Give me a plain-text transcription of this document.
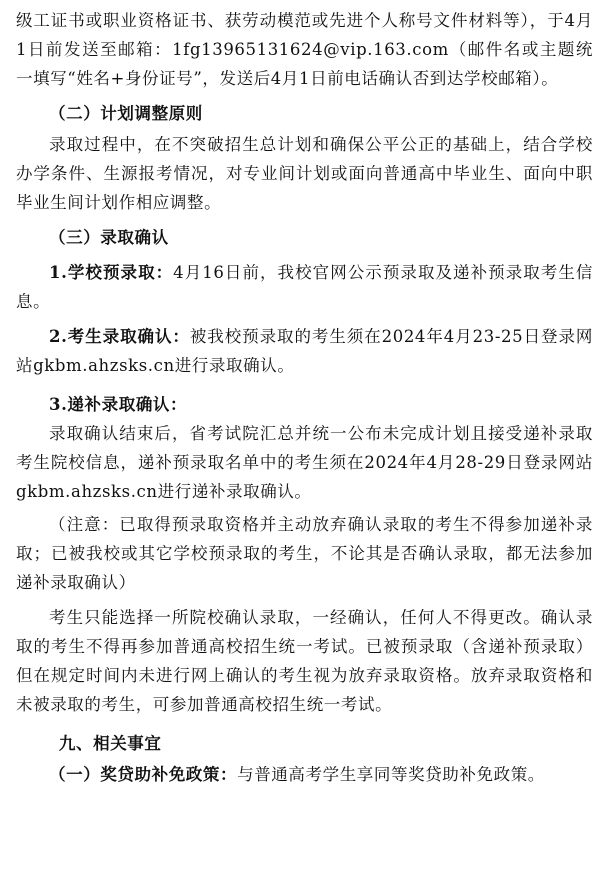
级工证书或职业资格证书、获劳动模范或先进个人称号文件材料等），于4月1日前发送至邮箱：1fg13965131624@vip.163.com（邮件名或主题统一填写“姓名+身份证号”，发送后4月1日前电话确认否到达学校邮箱）。

（二）计划调整原则

录取过程中，在不突破招生总计划和确保公平公正的基础上，结合学校办学条件、生源报考情况，对专业间计划或面向普通高中毕业生、面向中职毕业生间计划作相应调整。

（三）录取确认

1.学校预录取：4月16日前，我校官网公示预录取及递补预录取考生信息。

2.考生录取确认：被我校预录取的考生须在2024年4月23-25日登录网站gkbm.ahzsks.cn进行录取确认。

3.递补录取确认：

录取确认结束后，省考试院汇总并统一公布未完成计划且接受递补录取考生院校信息，递补预录取名单中的考生须在2024年4月28-29日登录网站gkbm.ahzsks.cn进行递补录取确认。

（注意：已取得预录取资格并主动放弃确认录取的考生不得参加递补录取；已被我校或其它学校预录取的考生，不论其是否确认录取，都无法参加递补录取确认）

考生只能选择一所院校确认录取，一经确认，任何人不得更改。确认录取的考生不得再参加普通高校招生统一考试。已被预录取（含递补预录取）但在规定时间内未进行网上确认的考生视为放弃录取资格。放弃录取资格和未被录取的考生，可参加普通高校招生统一考试。

九、相关事宜

（一）奖贷助补免政策：与普通高考学生享同等奖贷助补免政策。
